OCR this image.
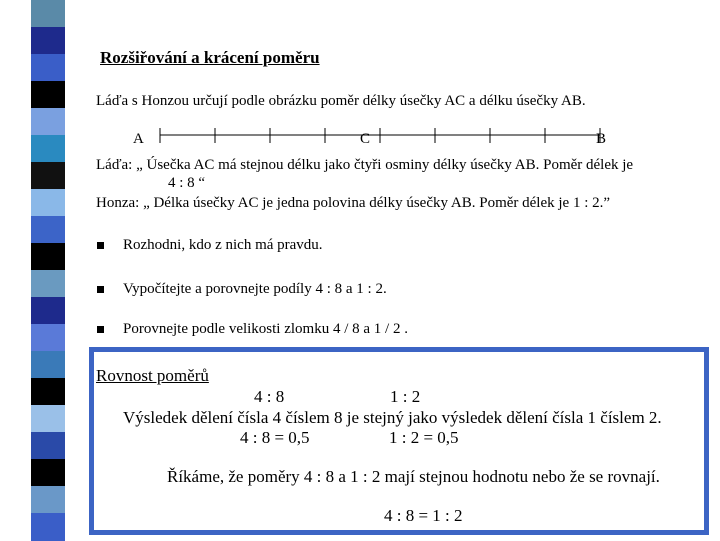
Rozšiřování a krácení poměru
Láďa s Honzou určují podle obrázku poměr délky úsečky AC a délku úsečky AB.
A	C	B
Láďa: „ Úsečka AC má stejnou délku jako čtyři osminy délky úsečky AB. Poměr délek je
4 : 8 “
Honza: „ Délka úsečky AC je jedna polovina délky úsečky AB. Poměr délek je 1 : 2.”
Rozhodni, kdo z nich má pravdu.
Vypočítejte a porovnejte podíly 4 : 8 a 1 : 2.
Porovnejte podle velikosti zlomku 4 / 8 a 1 / 2 .
Rovnost poměrů
4 : 8	1 : 2
Výsledek dělení čísla 4 číslem 8 je stejný jako výsledek dělení čísla 1 číslem 2.
4 : 8 = 0,5	1 : 2 = 0,5
Říkáme, že poměry 4 : 8 a 1 : 2 mají stejnou hodnotu nebo že se rovnají.
4 : 8 = 1 : 2
